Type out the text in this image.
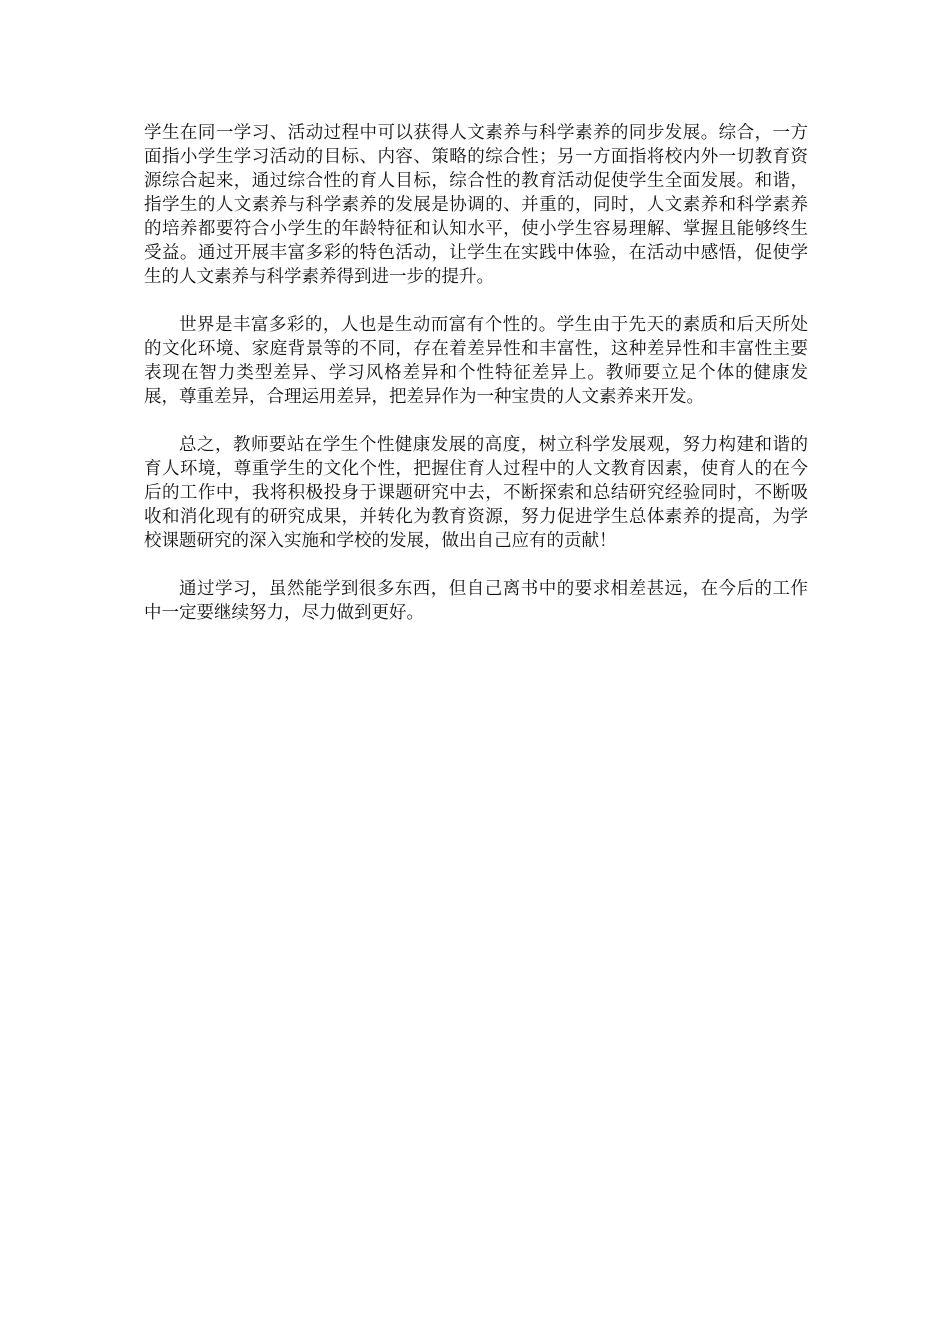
学生在同一学习、活动过程中可以获得人文素养与科学素养的同步发展。综合，一方面指小学生学习活动的目标、内容、策略的综合性；另一方面指将校内外一切教育资源综合起来，通过综合性的育人目标，综合性的教育活动促使学生全面发展。和谐，指学生的人文素养与科学素养的发展是协调的、并重的，同时，人文素养和科学素养的培养都要符合小学生的年龄特征和认知水平，使小学生容易理解、掌握且能够终生受益。通过开展丰富多彩的特色活动，让学生在实践中体验，在活动中感悟，促使学生的人文素养与科学素养得到进一步的提升。

世界是丰富多彩的，人也是生动而富有个性的。学生由于先天的素质和后天所处的文化环境、家庭背景等的不同，存在着差异性和丰富性，这种差异性和丰富性主要表现在智力类型差异、学习风格差异和个性特征差异上。教师要立足个体的健康发展，尊重差异，合理运用差异，把差异作为一种宝贵的人文素养来开发。

总之，教师要站在学生个性健康发展的高度，树立科学发展观，努力构建和谐的育人环境，尊重学生的文化个性，把握住育人过程中的人文教育因素，使育人的在今后的工作中，我将积极投身于课题研究中去，不断探索和总结研究经验同时，不断吸收和消化现有的研究成果，并转化为教育资源，努力促进学生总体素养的提高，为学校课题研究的深入实施和学校的发展，做出自己应有的贡献！

通过学习，虽然能学到很多东西，但自己离书中的要求相差甚远，在今后的工作中一定要继续努力，尽力做到更好。
